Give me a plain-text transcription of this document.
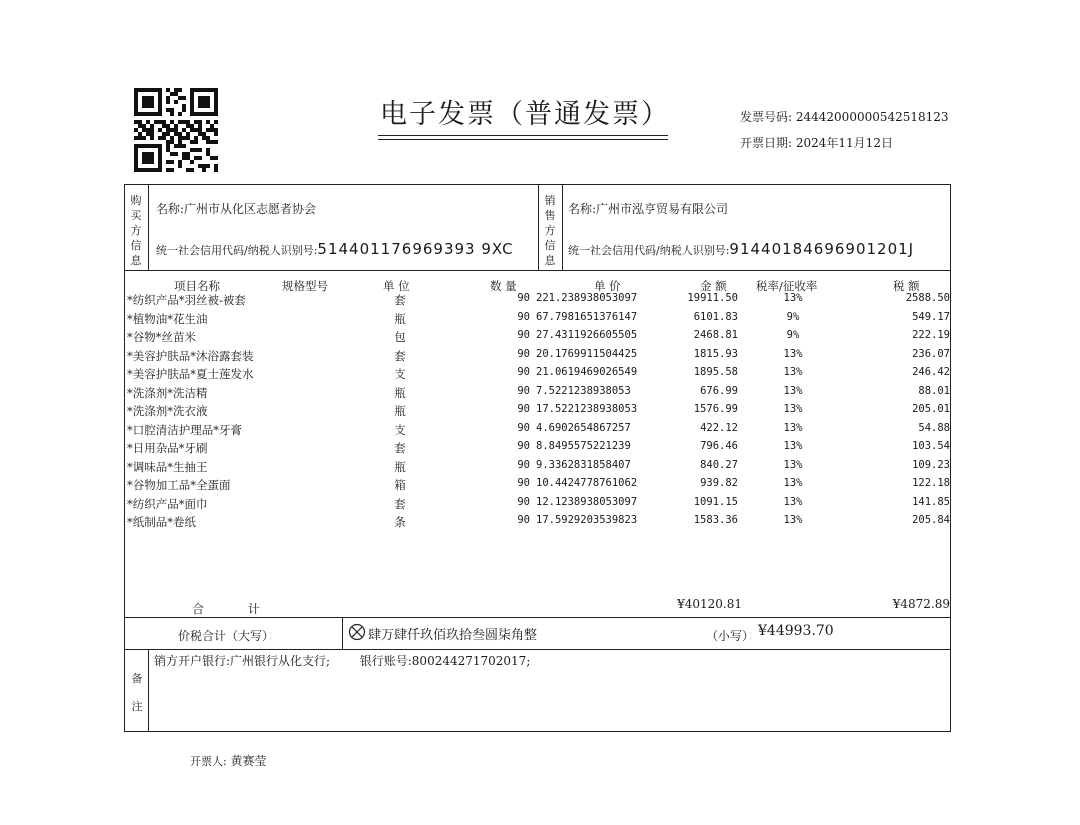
电子发票（普通发票）	发票号码: 24442000000542518123
开票日期: 2024年11月12日
购买方信息
名称:广州市从化区志愿者协会
统一社会信用代码/纳税人识别号:514401176969393 9XC
销售方信息
名称:广州市泓亨贸易有限公司
统一社会信用代码/纳税人识别号:91440184696901201J
项目名称	规格型号	单 位	数 量	单 价	金 额	税率/征收率	税 额
*纺织产品*羽丝被-被套	套	90 221.238938053097	19911.50	13%	2588.50
*植物油*花生油	瓶	90 67.7981651376147	6101.83	9%	549.17
*谷物*丝苗米	包	90 27.4311926605505	2468.81	9%	222.19
*美容护肤品*沐浴露套装	套	90 20.1769911504425	1815.93	13%	236.07
*美容护肤品*夏士莲发水	支	90 21.0619469026549	1895.58	13%	246.42
*洗涤剂*洗洁精	瓶	90 7.5221238938053	676.99	13%	88.01
*洗涤剂*洗衣液	瓶	90 17.5221238938053	1576.99	13%	205.01
*口腔清洁护理品*牙膏	支	90 4.6902654867257	422.12	13%	54.88
*日用杂品*牙刷	套	90 8.8495575221239	796.46	13%	103.54
*调味品*生抽王	瓶	90 9.3362831858407	840.27	13%	109.23
*谷物加工品*全蛋面	箱	90 10.4424778761062	939.82	13%	122.18
*纺织产品*面巾	套	90 12.1238938053097	1091.15	13%	141.85
*纸制品*卷纸	条	90 17.5929203539823	1583.36	13%	205.84
合 计	¥40120.81	¥4872.89
价税合计（大写）	肆万肆仟玖佰玖拾叁圆柒角整	（小写） ¥44993.70
备注
销方开户银行:广州银行从化支行; 银行账号:800244271702017;
开票人: 黄赛莹
